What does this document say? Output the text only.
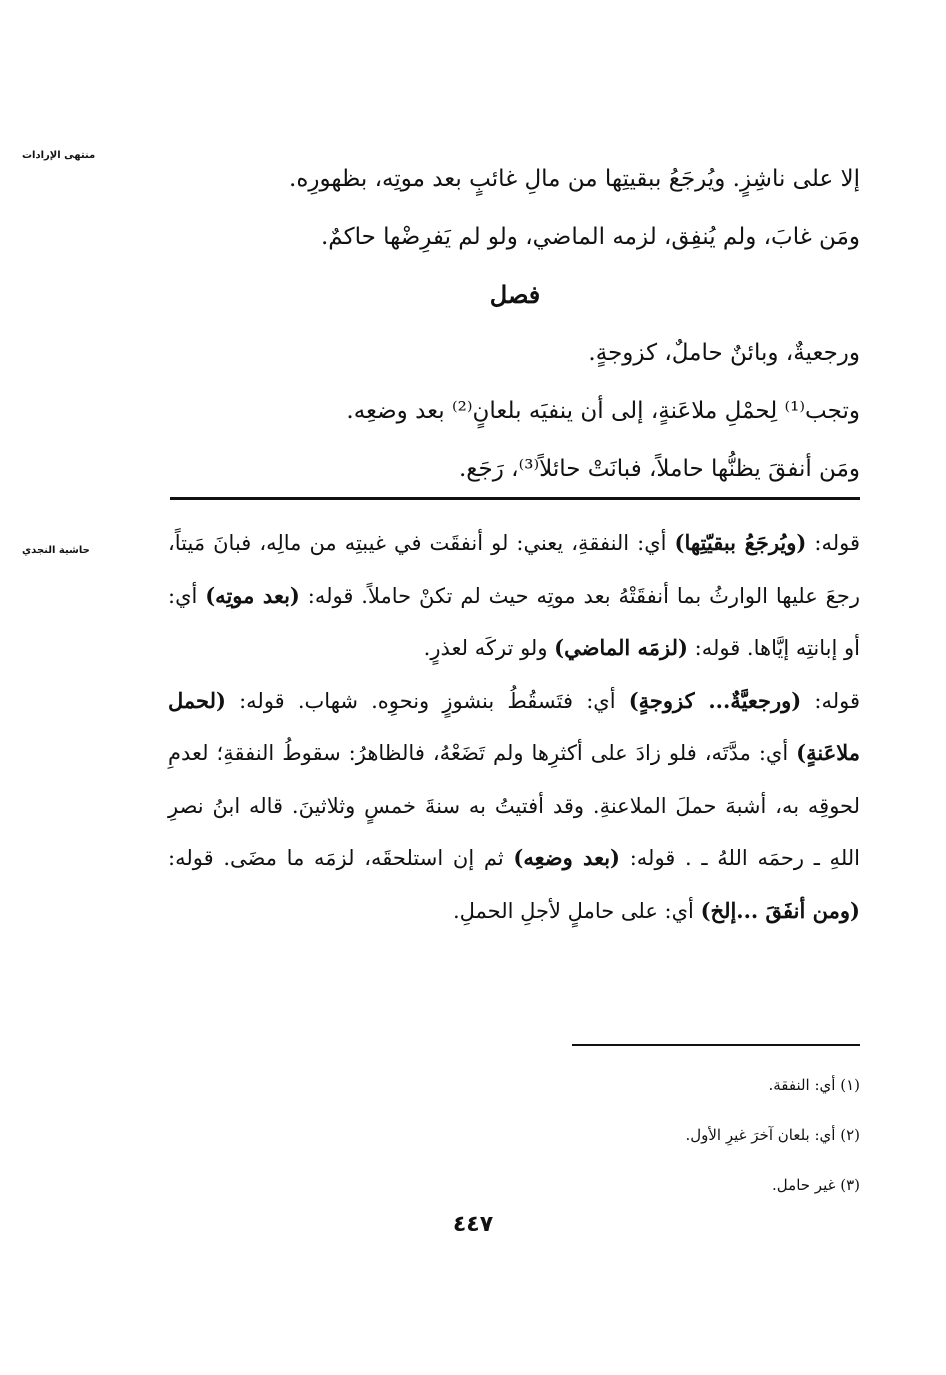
منتهى الإرادات
حاشية النجدي

إلا على ناشِزٍ. ويُرجَعُ ببقيتِها من مالِ غائبٍ بعد موتِه، بظهورِه.

ومَن غابَ، ولم يُنفِق، لزمه الماضي، ولو لم يَفرِضْها حاكمٌ.

فصل

ورجعيةٌ، وبائنٌ حاملٌ، كزوجةٍ.

وتجب⁽¹⁾ لِحمْلِ ملاعَنةٍ، إلى أن ينفيَه بلعانٍ⁽²⁾ بعد وضعِه.

ومَن أنفقَ يظنُّها حاملاً، فبانَتْ حائلاً⁽³⁾، رَجَع.

قوله: (ويُرجَعُ ببقيّتِها) أي: النفقةِ، يعني: لو أنفقَت في غيبتِه من مالِه، فبانَ مَيتاً، رجعَ عليها الوارثُ بما أنفقَتْهُ بعد موتِه حيث لم تكنْ حاملاً. قوله: (بعد موتِه) أي: أو إبانتِه إيَّاها. قوله: (لزمَه الماضي) ولو تركَه لعذرٍ.

قوله: (ورجعيَّةٌ... كزوجةٍ) أي: فتَسقُطُ بنشوزٍ ونحوِه. شهاب. قوله: (لحمل ملاعَنةٍ) أي: مدَّتَه، فلو زادَ على أكثرِها ولم تَضَعْهُ، فالظاهرُ: سقوطُ النفقةِ؛ لعدمِ لحوقِه به، أشبهَ حملَ الملاعنةِ. وقد أفتيتُ به سنةَ خمسٍ وثلاثينَ. قاله ابنُ نصرِ اللهِ ـ رحمَه اللهُ ـ . قوله: (بعد وضعِه) ثم إن استلحقَه، لزمَه ما مضَى. قوله: (ومن أنفَقَ ...إلخ) أي: على حاملٍ لأجلِ الحملِ.

(١) أي: النفقة.
(٢) أي: بلعان آخرَ غيرِ الأول.
(٣) غير حامل.
٤٤٧
